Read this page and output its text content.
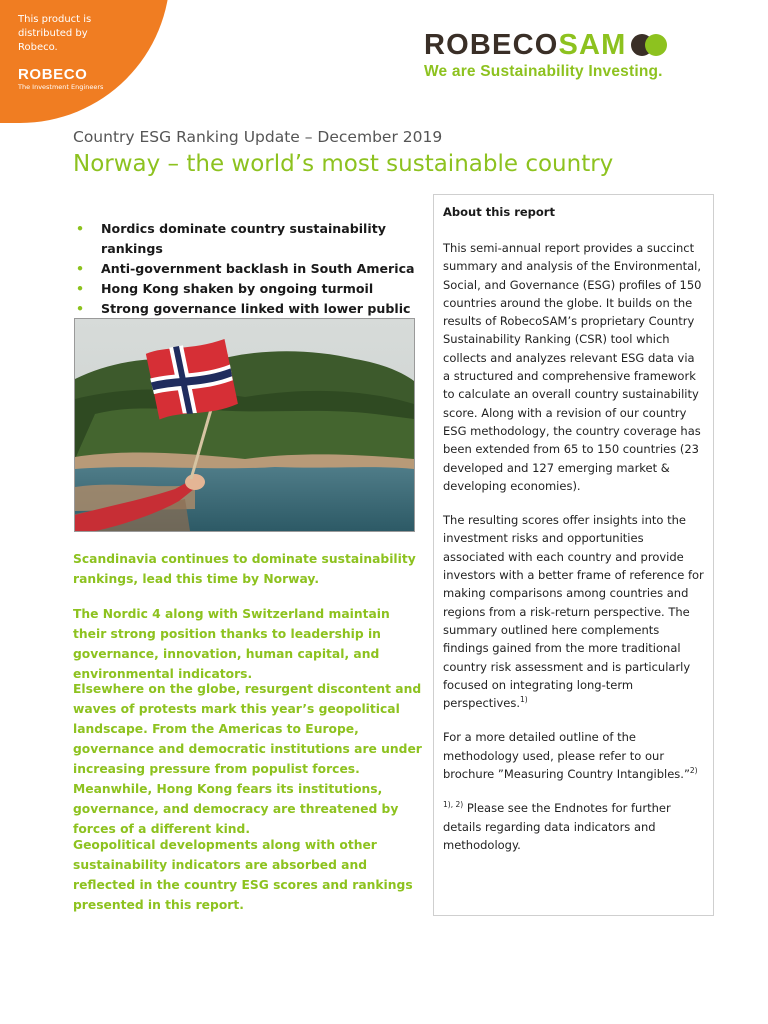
This product is distributed by Robeco.
ROBECO
The Investment Engineers
ROBECO SAM
We are Sustainability Investing.
Country ESG Ranking Update – December 2019
Norway – the world’s most sustainable country
• Nordics dominate country sustainability rankings
• Anti-government backlash in South America
• Hong Kong shaken by ongoing turmoil
• Strong governance linked with lower public

Scandinavia continues to dominate sustainability rankings, lead this time by Norway.

The Nordic 4 along with Switzerland maintain their strong position thanks to leadership in governance, innovation, human capital, and environmental indicators.

Elsewhere on the globe, resurgent discontent and waves of protests mark this year’s geopolitical landscape. From the Americas to Europe, governance and democratic institutions are under increasing pressure from populist forces. Meanwhile, Hong Kong fears its institutions, governance, and democracy are threatened by forces of a different kind.

Geopolitical developments along with other sustainability indicators are absorbed and reflected in the country ESG scores and rankings presented in this report.

About this report

This semi-annual report provides a succinct summary and analysis of the Environmental, Social, and Governance (ESG) profiles of 150 countries around the globe. It builds on the results of RobecoSAM’s proprietary Country Sustainability Ranking (CSR) tool which collects and analyzes relevant ESG data via a structured and comprehensive framework to calculate an overall country sustainability score. Along with a revision of our country ESG methodology, the country coverage has been extended from 65 to 150 countries (23 developed and 127 emerging market & developing economies).

The resulting scores offer insights into the investment risks and opportunities associated with each country and provide investors with a better frame of reference for making comparisons among countries and regions from a risk-return perspective. The summary outlined here complements findings gained from the more traditional country risk assessment and is particularly focused on integrating long-term perspectives.$^{1)}$

For a more detailed outline of the methodology used, please refer to our brochure ”Measuring Country Intangibles.”$^{2)}$

$^{1), 2)}$ Please see the Endnotes for further details regarding data indicators and methodology.
